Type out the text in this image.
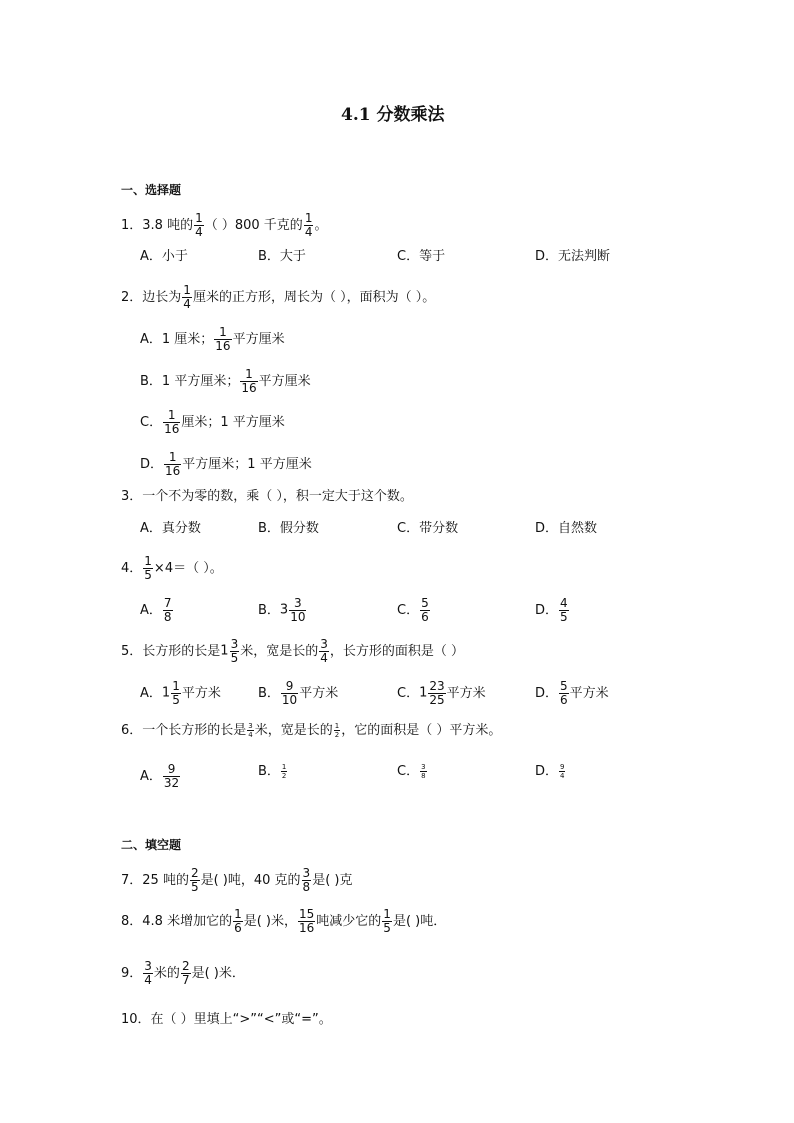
4.1 分数乘法
一、选择题
1．3.8 吨的 $\frac{1}{4}$ （ ）800 千克的 $\frac{1}{4}$ 。
A．小于	B．大于	C．等于	D．无法判断
2．边长为 $\frac{1}{4}$ 厘米的正方形，周长为（ ），面积为（ ）。
A．1 厘米； $\frac{1}{16}$ 平方厘米
B．1 平方厘米； $\frac{1}{16}$ 平方厘米
C． $\frac{1}{16}$ 厘米；1 平方厘米
D． $\frac{1}{16}$ 平方厘米；1 平方厘米
3．一个不为零的数，乘（ ），积一定大于这个数。
A．真分数	B．假分数	C．带分数	D．自然数
4． $\frac{1}{5} \times 4=$（ ）。
A． $\frac{7}{8}$	B．$3 \frac{3}{10}$	C． $\frac{5}{6}$	D． $\frac{4}{5}$
5．长方形的长是$1 \frac{3}{5}$ 米，宽是长的 $\frac{3}{4}$ ，长方形的面积是（ ）
A．$1 \frac{1}{5}$ 平方米	B． $\frac{9}{10}$ 平方米	C．$1 \frac{23}{25}$ 平方米	D． $\frac{5}{6}$ 平方米
6．一个长方形的长是 $\frac{3}{4}$ 米，宽是长的 $\frac{1}{2}$ ，它的面积是（ ）平方米。
A． $\frac{9}{32}$	B． $\frac{1}{2}$	C． $\frac{3}{8}$	D． $\frac{9}{4}$
二、填空题
7．25 吨的 $\frac{2}{5}$ 是( )吨，40 克的 $\frac{3}{8}$ 是( )克
8．4.8 米增加它的 $\frac{1}{6}$ 是( )米， $\frac{15}{16}$ 吨减少它的 $\frac{1}{5}$ 是( )吨．
9． $\frac{3}{4}$ 米的 $\frac{2}{7}$ 是( )米．
10．在（ ）里填上“>”“<”或“=”。
